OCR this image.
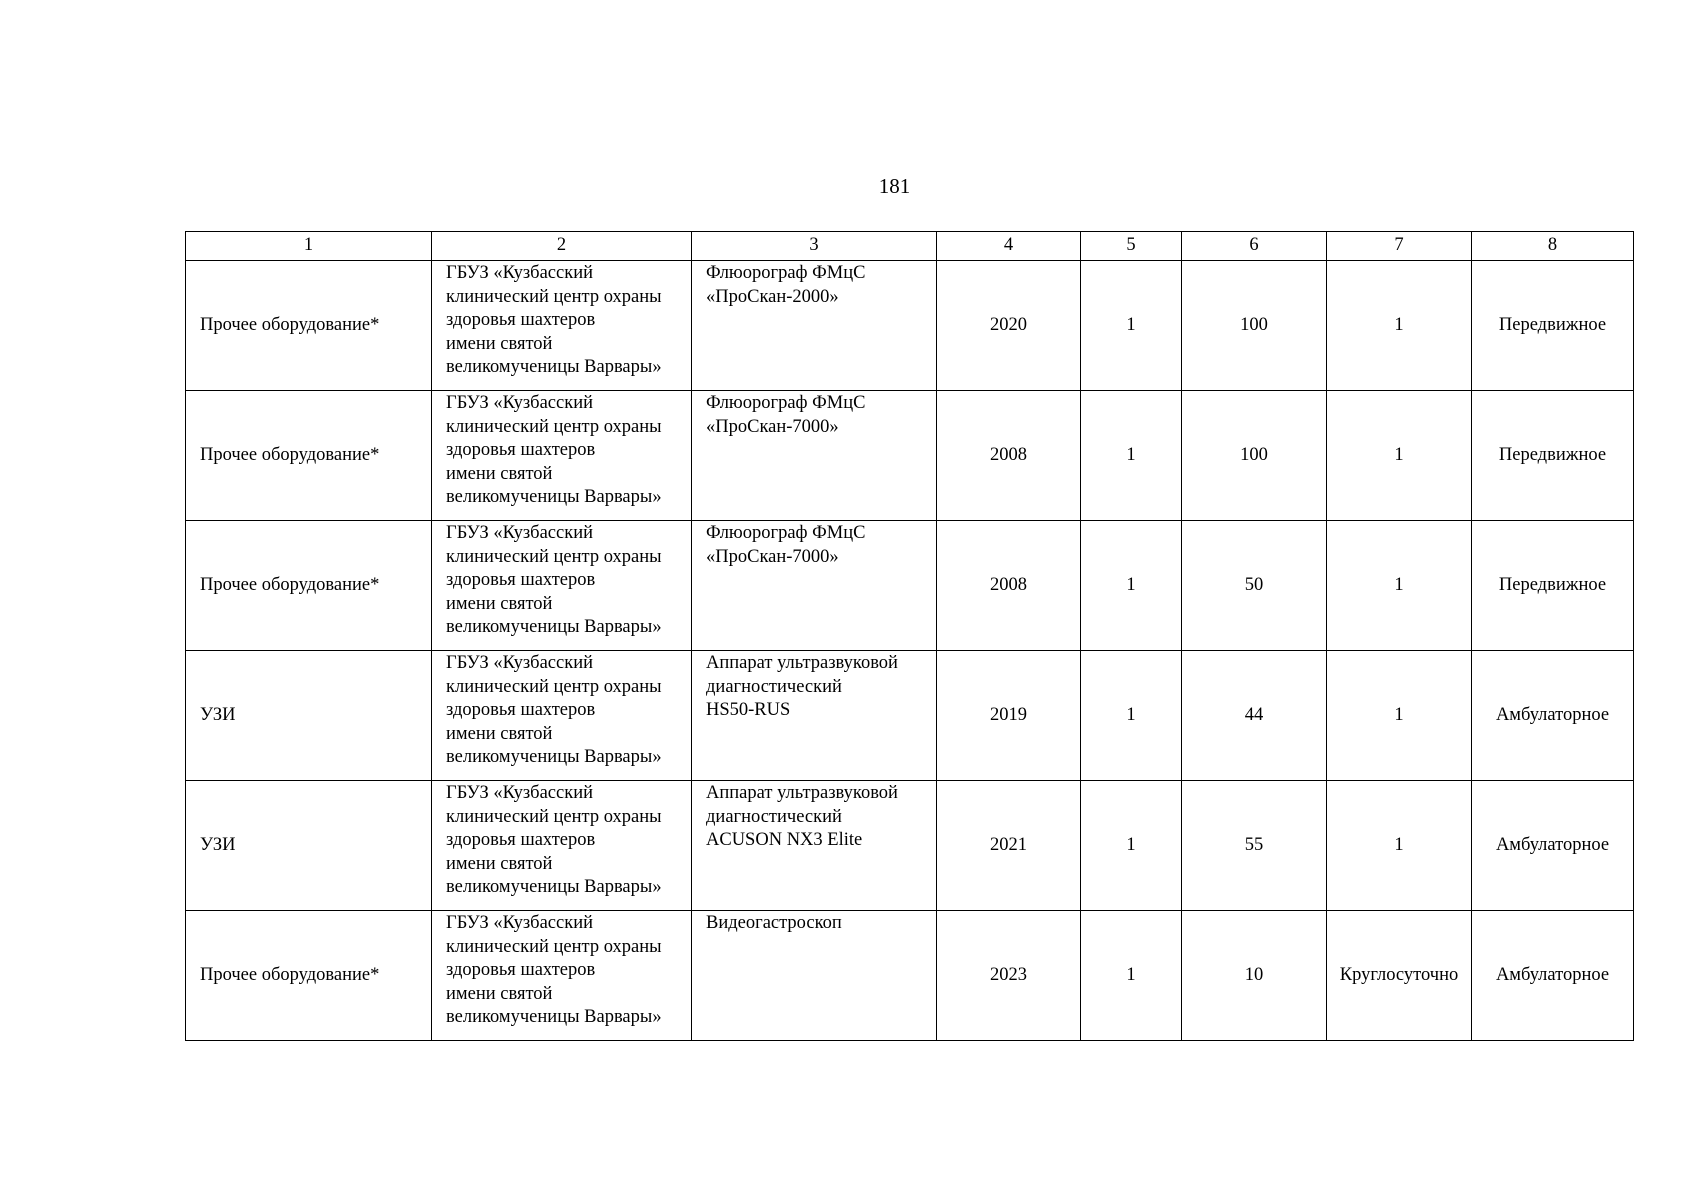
181
1	2	3	4	5	6	7	8
Прочее оборудование*	ГБУЗ «Кузбасский
клинический центр охраны
здоровья шахтеров
имени святой
великомученицы Варвары»	Флюорограф ФМцС
«ПроСкан-2000»	2020	1	100	1	Передвижное
Прочее оборудование*	ГБУЗ «Кузбасский
клинический центр охраны
здоровья шахтеров
имени святой
великомученицы Варвары»	Флюорограф ФМцС
«ПроСкан-7000»	2008	1	100	1	Передвижное
Прочее оборудование*	ГБУЗ «Кузбасский
клинический центр охраны
здоровья шахтеров
имени святой
великомученицы Варвары»	Флюорограф ФМцС
«ПроСкан-7000»	2008	1	50	1	Передвижное
УЗИ	ГБУЗ «Кузбасский
клинический центр охраны
здоровья шахтеров
имени святой
великомученицы Варвары»	Аппарат ультразвуковой
диагностический
HS50-RUS	2019	1	44	1	Амбулаторное
УЗИ	ГБУЗ «Кузбасский
клинический центр охраны
здоровья шахтеров
имени святой
великомученицы Варвары»	Аппарат ультразвуковой
диагностический
ACUSON NX3 Elite	2021	1	55	1	Амбулаторное
Прочее оборудование*	ГБУЗ «Кузбасский
клинический центр охраны
здоровья шахтеров
имени святой
великомученицы Варвары»	Видеогастроскоп	2023	1	10	Круглосуточно	Амбулаторное
